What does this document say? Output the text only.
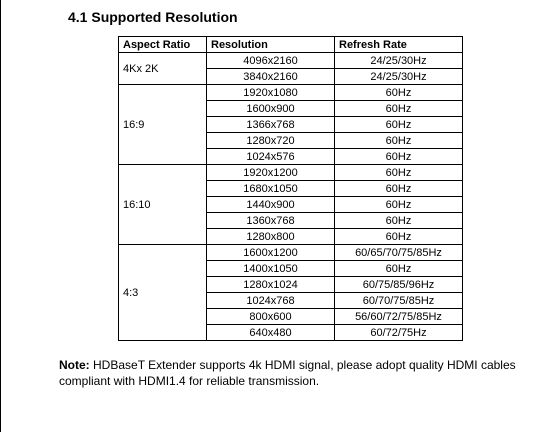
4.1 Supported Resolution
Aspect Ratio	Resolution	Refresh Rate
4Kx 2K	4096x2160	24/25/30Hz
	3840x2160	24/25/30Hz
16:9	1920x1080	60Hz
	1600x900	60Hz
	1366x768	60Hz
	1280x720	60Hz
	1024x576	60Hz
16:10	1920x1200	60Hz
	1680x1050	60Hz
	1440x900	60Hz
	1360x768	60Hz
	1280x800	60Hz
4:3	1600x1200	60/65/70/75/85Hz
	1400x1050	60Hz
	1280x1024	60/75/85/96Hz
	1024x768	60/70/75/85Hz
	800x600	56/60/72/75/85Hz
	640x480	60/72/75Hz
Note: HDBaseT Extender supports 4k HDMI signal, please adopt quality HDMI cables compliant with HDMI1.4 for reliable transmission.
